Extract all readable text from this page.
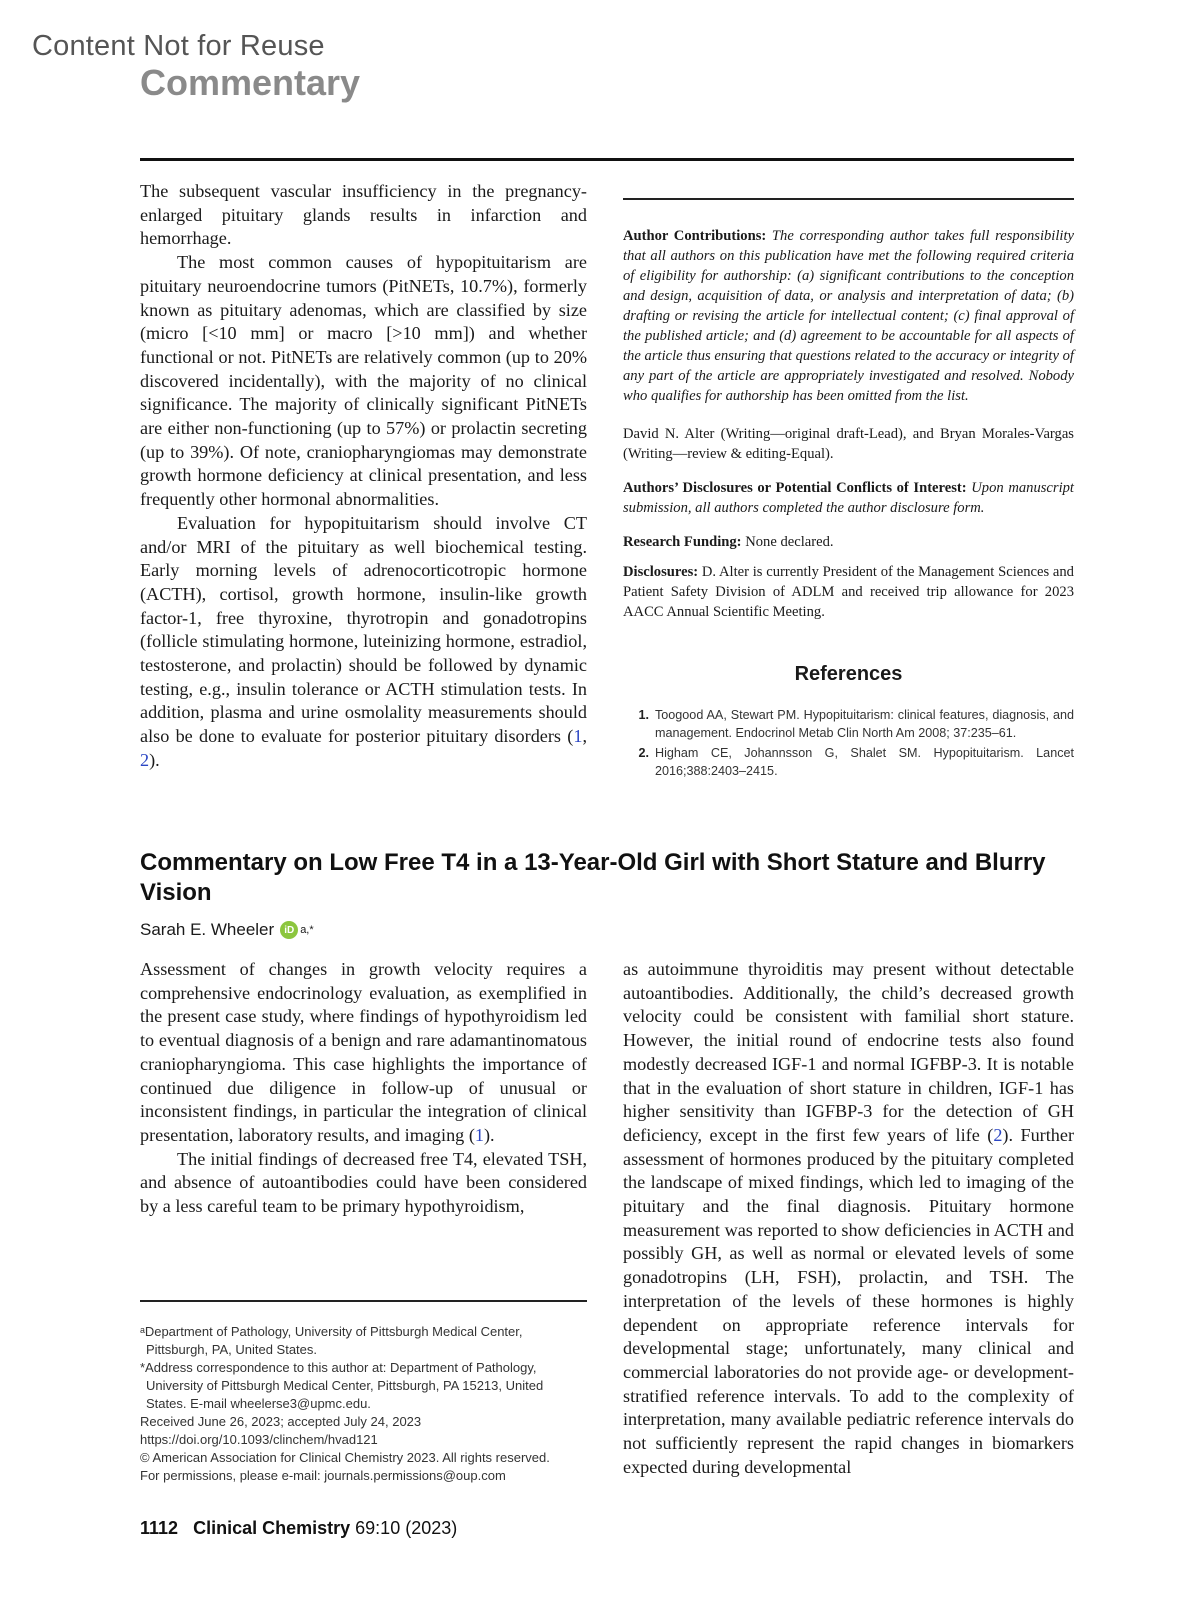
Content Not for Reuse
Commentary

The subsequent vascular insufficiency in the pregnancy-enlarged pituitary glands results in infarction and hemorrhage.

The most common causes of hypopituitarism are pituitary neuroendocrine tumors (PitNETs, 10.7%), formerly known as pituitary adenomas, which are classified by size (micro [<10 mm] or macro [>10 mm]) and whether functional or not. PitNETs are relatively common (up to 20% discovered incidentally), with the majority of no clinical significance. The majority of clinically significant PitNETs are either non-functioning (up to 57%) or prolactin secreting (up to 39%). Of note, craniopharyngiomas may demonstrate growth hormone deficiency at clinical presentation, and less frequently other hormonal abnormalities.

Evaluation for hypopituitarism should involve CT and/or MRI of the pituitary as well biochemical testing. Early morning levels of adrenocorticotropic hormone (ACTH), cortisol, growth hormone, insulin-like growth factor-1, free thyroxine, thyrotropin and gonadotropins (follicle stimulating hormone, luteinizing hormone, estradiol, testosterone, and prolactin) should be followed by dynamic testing, e.g., insulin tolerance or ACTH stimulation tests. In addition, plasma and urine osmolality measurements should also be done to evaluate for posterior pituitary disorders (1, 2).

Author Contributions: The corresponding author takes full responsibility that all authors on this publication have met the following required criteria of eligibility for authorship: (a) significant contributions to the conception and design, acquisition of data, or analysis and interpretation of data; (b) drafting or revising the article for intellectual content; (c) final approval of the published article; and (d) agreement to be accountable for all aspects of the article thus ensuring that questions related to the accuracy or integrity of any part of the article are appropriately investigated and resolved. Nobody who qualifies for authorship has been omitted from the list.
David N. Alter (Writing—original draft-Lead), and Bryan Morales-Vargas (Writing—review & editing-Equal).
Authors’ Disclosures or Potential Conflicts of Interest: Upon manuscript submission, all authors completed the author disclosure form.
Research Funding: None declared.
Disclosures: D. Alter is currently President of the Management Sciences and Patient Safety Division of ADLM and received trip allowance for 2023 AACC Annual Scientific Meeting.
References
1. Toogood AA, Stewart PM. Hypopituitarism: clinical features, diagnosis, and management. Endocrinol Metab Clin North Am 2008; 37:235–61.
2. Higham CE, Johannsson G, Shalet SM. Hypopituitarism. Lancet 2016;388:2403–2415.
Commentary on Low Free T4 in a 13-Year-Old Girl with Short Stature and Blurry Vision
Sarah E. Wheeler	iD a,*

Assessment of changes in growth velocity requires a comprehensive endocrinology evaluation, as exemplified in the present case study, where findings of hypothyroidism led to eventual diagnosis of a benign and rare adamantinomatous craniopharyngioma. This case highlights the importance of continued due diligence in follow-up of unusual or inconsistent findings, in particular the integration of clinical presentation, laboratory results, and imaging (1).

The initial findings of decreased free T4, elevated TSH, and absence of autoantibodies could have been considered by a less careful team to be primary hypothyroidism,

as autoimmune thyroiditis may present without detectable autoantibodies. Additionally, the child’s decreased growth velocity could be consistent with familial short stature. However, the initial round of endocrine tests also found modestly decreased IGF-1 and normal IGFBP-3. It is notable that in the evaluation of short stature in children, IGF-1 has higher sensitivity than IGFBP-3 for the detection of GH deficiency, except in the first few years of life (2). Further assessment of hormones produced by the pituitary completed the landscape of mixed findings, which led to imaging of the pituitary and the final diagnosis. Pituitary hormone measurement was reported to show deficiencies in ACTH and possibly GH, as well as normal or elevated levels of some gonadotropins (LH, FSH), prolactin, and TSH. The interpretation of the levels of these hormones is highly dependent on appropriate reference intervals for developmental stage; unfortunately, many clinical and commercial laboratories do not provide age- or development-stratified reference intervals. To add to the complexity of interpretation, many available pediatric reference intervals do not sufficiently represent the rapid changes in biomarkers expected during developmental

ᵃDepartment of Pathology, University of Pittsburgh Medical Center, Pittsburgh, PA, United States.
*Address correspondence to this author at: Department of Pathology, University of Pittsburgh Medical Center, Pittsburgh, PA 15213, United States. E-mail wheelerse3@upmc.edu.
Received June 26, 2023; accepted July 24, 2023
https://doi.org/10.1093/clinchem/hvad121
© American Association for Clinical Chemistry 2023. All rights reserved.
For permissions, please e-mail: journals.permissions@oup.com
1112 Clinical Chemistry 69:10 (2023)
